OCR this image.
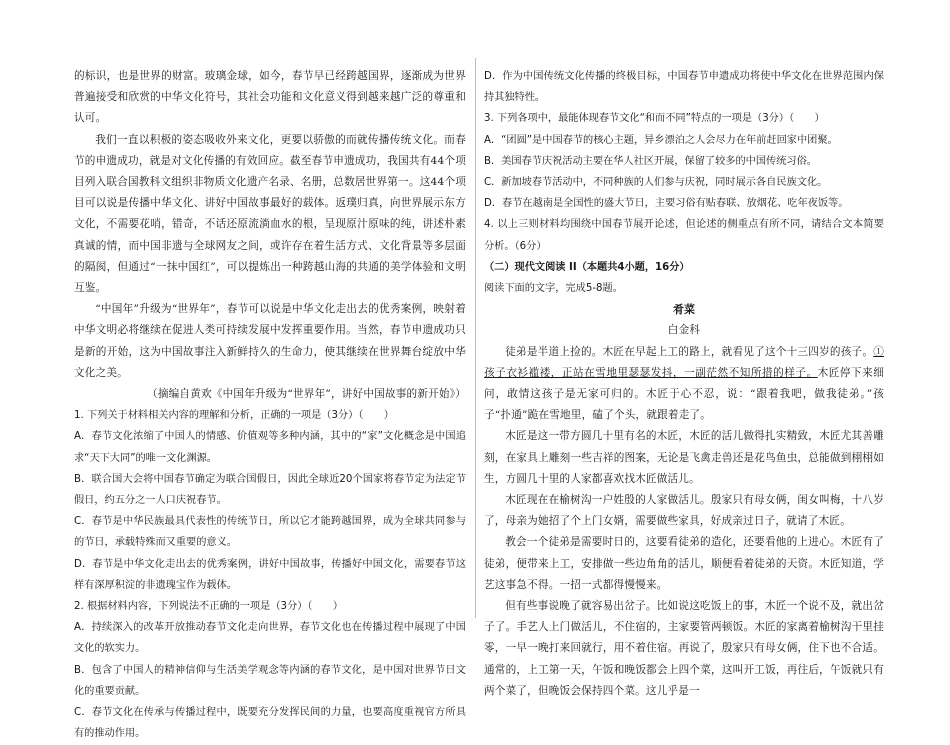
的标识，也是世界的财富。玻璃金球，如今，春节早已经跨越国界，逐渐成为世界普遍接受和欣赏的中华文化符号，其社会功能和文化意义得到越来越广泛的尊重和认可。

我们一直以积极的姿态吸收外来文化，更要以骄傲的而就传播传统文化。而春节的申遗成功，就是对文化传播的有效回应。截至春节申遗成功，我国共有44个项目列入联合国教科文组织非物质文化遗产名录、名册，总数居世界第一。这44个项目可以说是传播中华文化、讲好中国故事最好的载体。返璞归真，向世界展示东方文化，不需要花哨，错奇，不话还原流淌血水的根，呈现原汁原味的纯，讲述朴素真诚的情，而中国非遗与全球网友之间，或许存在着生活方式、文化背景等多层面的隔阂，但通过“一抹中国红”，可以提炼出一种跨越山海的共通的美学体验和文明互鉴。

“中国年”升级为“世界年”，春节可以说是中华文化走出去的优秀案例，映射着中华文明必将继续在促进人类可持续发展中发挥重要作用。当然，春节申遗成功只是新的开始，这为中国故事注入新鲜持久的生命力，使其继续在世界舞台绽放中华文化之美。

（摘编自黄欢《中国年升级为“世界年”，讲好中国故事的新开始》）

1. 下列关于材料相关内容的理解和分析，正确的一项是（3分）（　　）

A．春节文化浓缩了中国人的情感、价值观等多种内涵，其中的“家”文化概念是中国追求“天下大同”的唯一文化渊源。

B．联合国大会将中国春节确定为联合国假日，因此全球近20个国家将春节定为法定节假日，约五分之一人口庆祝春节。

C．春节是中华民族最具代表性的传统节日，所以它才能跨越国界，成为全球共同参与的节日，承载特殊而又重要的意义。

D．春节是中华文化走出去的优秀案例，讲好中国故事，传播好中国文化，需要春节这样有深厚积淀的非遗瑰宝作为载体。

2. 根据材料内容，下列说法不正确的一项是（3分）（　　）

A．持续深入的改革开放推动春节文化走向世界，春节文化也在传播过程中展现了中国文化的软实力。

B．包含了中国人的精神信仰与生活美学观念等内涵的春节文化，是中国对世界节日文化的重要贡献。

C．春节文化在传承与传播过程中，既要充分发挥民间的力量，也要高度重视官方所具有的推动作用。

D．作为中国传统文化传播的终极目标，中国春节申遗成功将使中华文化在世界范围内保持其独特性。

3. 下列各项中，最能体现春节文化“和而不同”特点的一项是（3分）（　　）

A．“团圆”是中国春节的核心主题，异乡漂泊之人会尽力在年前赶回家中团聚。

B．美国春节庆祝活动主要在华人社区开展，保留了较多的中国传统习俗。

C．新加坡春节活动中，不同种族的人们参与庆祝，同时展示各自民族文化。

D．春节在越南是全国性的盛大节日，主要习俗有贴春联、放烟花、吃年夜饭等。

4. 以上三则材料均围绕中国春节展开论述，但论述的侧重点有所不同，请结合文本简要分析。（6分）

（二）现代文阅读 II（本题共4小题，16分）

阅读下面的文字，完成5-8题。

肴菜

白金科

徒弟是半道上捡的。木匠在早起上工的路上，就看见了这个十三四岁的孩子。①孩子衣衫褴褛，正站在雪地里瑟瑟发抖，一副茫然不知所措的样子。木匠停下来细问，敢情这孩子是无家可归的。木匠于心不忍，说：“跟着我吧，做我徒弟。”孩子“扑通”跪在雪地里，磕了个头，就跟着走了。

木匠是这一带方圆几十里有名的木匠，木匠的活儿做得扎实精致，木匠尤其善雕刻，在家具上雕刻一些吉祥的图案，无论是飞禽走兽还是花鸟鱼虫，总能做到栩栩如生，方圆几十里的人家都喜欢找木匠做活儿。

木匠现在在榆树沟一户姓殷的人家做活儿。殷家只有母女俩，闺女叫梅，十八岁了，母亲为她招了个上门女婿，需要做些家具，好成亲过日子，就请了木匠。

教会一个徒弟是需要时日的，这要看徒弟的造化，还要看他的上进心。木匠有了徒弟，便带来上工，安排做一些边角角的活儿，顺便看着徒弟的天资。木匠知道，学艺这事急不得。一招一式都得慢慢来。

但有些事说晚了就容易出岔子。比如说这吃饭上的事，木匠一个说不及，就出岔子了。手艺人上门做活儿，不住宿的，主家要管两顿饭。木匠的家离着榆树沟干里挂零，一早一晚打来回就行，用不着住宿。再说了，殷家只有母女俩，住下也不合适。通常的，上工第一天，午饭和晚饭都会上四个菜，这叫开工饭，再往后，午饭就只有两个菜了，但晚饭会保持四个菜。这儿乎是一
